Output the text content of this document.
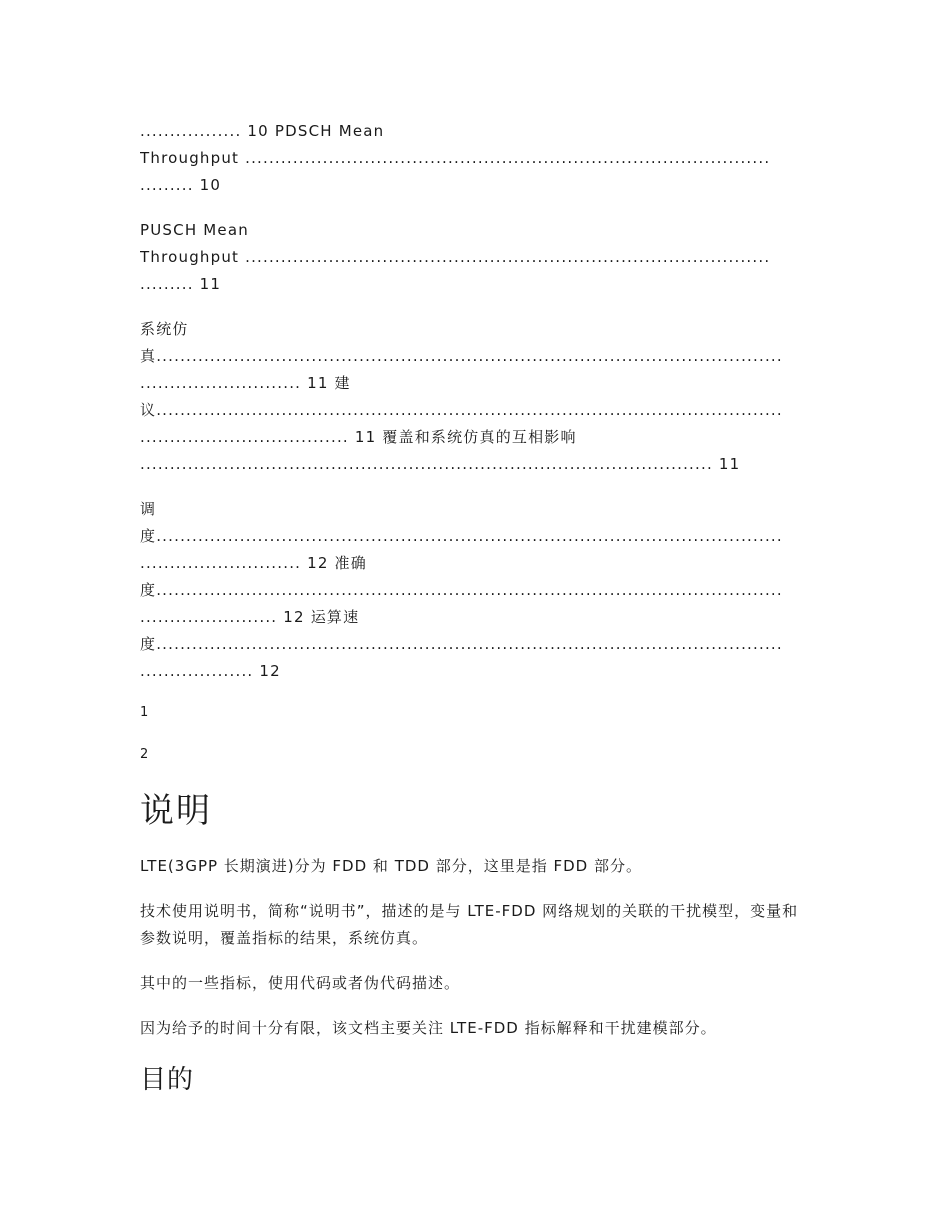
................. 10 PDSCH Mean
Throughput ........................................................................................
......... 10
PUSCH Mean
Throughput ........................................................................................
......... 11
系统仿
真.........................................................................................................
........................... 11 建
议.........................................................................................................
................................... 11 覆盖和系统仿真的互相影响
................................................................................................ 11
调
度.........................................................................................................
........................... 12 准确
度.........................................................................................................
....................... 12 运算速
度.........................................................................................................
................... 12
1
2
说明

LTE(3GPP 长期演进)分为 FDD 和 TDD 部分，这里是指 FDD 部分。

技术使用说明书，简称“说明书”，描述的是与 LTE-FDD 网络规划的关联的干扰模型，变量和参数说明，覆盖指标的结果，系统仿真。

其中的一些指标，使用代码或者伪代码描述。

因为给予的时间十分有限，该文档主要关注 LTE-FDD 指标解释和干扰建模部分。

目的
